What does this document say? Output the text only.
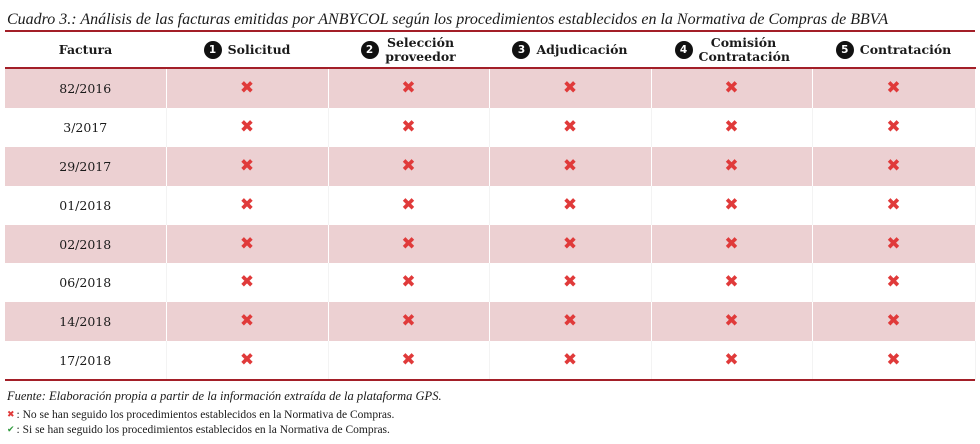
Cuadro 3.: Análisis de las facturas emitidas por ANBYCOL según los procedimientos establecidos en la Normativa de Compras de BBVA
Factura	1 Solicitud	2 Selección proveedor	3 Adjudicación	4 Comisión Contratación	5 Contratación

82/2016	✖	✖	✖	✖	✖
3/2017	✖	✖	✖	✖	✖
29/2017	✖	✖	✖	✖	✖
01/2018	✖	✖	✖	✖	✖
02/2018	✖	✖	✖	✖	✖
06/2018	✖	✖	✖	✖	✖
14/2018	✖	✖	✖	✖	✖
17/2018	✖	✖	✖	✖	✖
Fuente: Elaboración propia a partir de la información extraída de la plataforma GPS.
✖ : No se han seguido los procedimientos establecidos en la Normativa de Compras.
✔ : Si se han seguido los procedimientos establecidos en la Normativa de Compras.
